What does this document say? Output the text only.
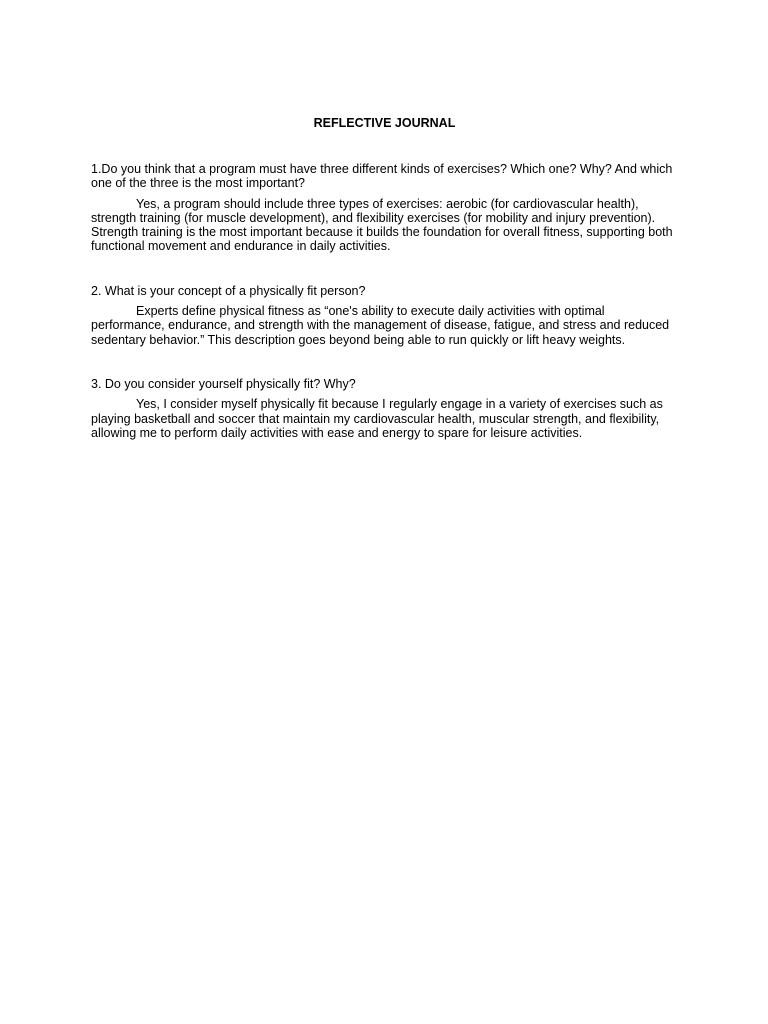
REFLECTIVE JOURNAL

1.Do you think that a program must have three different kinds of exercises? Which one? Why? And which one of the three is the most important?

Yes, a program should include three types of exercises: aerobic (for cardiovascular health), strength training (for muscle development), and flexibility exercises (for mobility and injury prevention). Strength training is the most important because it builds the foundation for overall fitness, supporting both functional movement and endurance in daily activities.

2. What is your concept of a physically fit person?

Experts define physical fitness as “one's ability to execute daily activities with optimal performance, endurance, and strength with the management of disease, fatigue, and stress and reduced sedentary behavior.” This description goes beyond being able to run quickly or lift heavy weights.

3. Do you consider yourself physically fit? Why?

Yes, I consider myself physically fit because I regularly engage in a variety of exercises such as playing basketball and soccer that maintain my cardiovascular health, muscular strength, and flexibility, allowing me to perform daily activities with ease and energy to spare for leisure activities.
